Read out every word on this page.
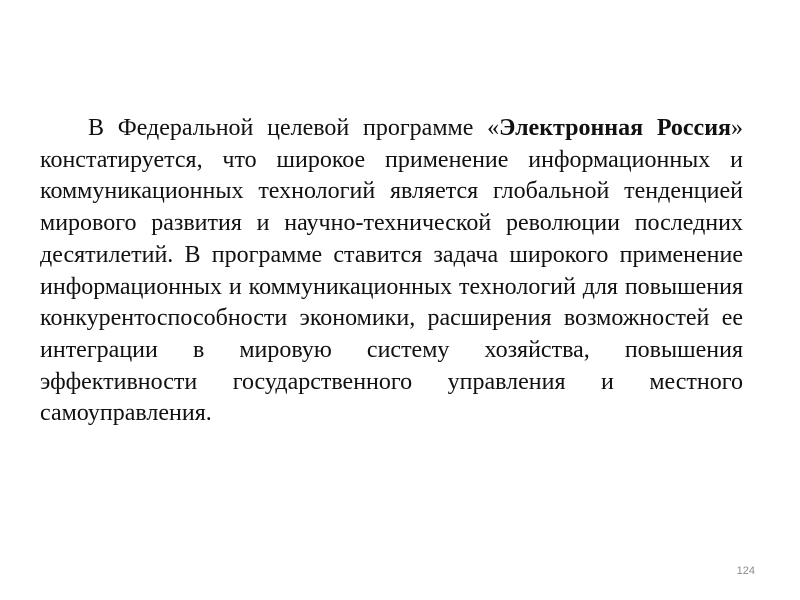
В Федеральной целевой программе «Электронная Россия» констатируется, что широкое применение информационных и коммуникационных технологий является глобальной тенденцией мирового развития и научно-технической революции последних десятилетий. В программе ставится задача широкого применение информационных и коммуникационных технологий для повышения конкурентоспособности экономики, расширения возможностей ее интеграции в мировую систему хозяйства, повышения эффективности государственного управления и местного самоуправления.

124
